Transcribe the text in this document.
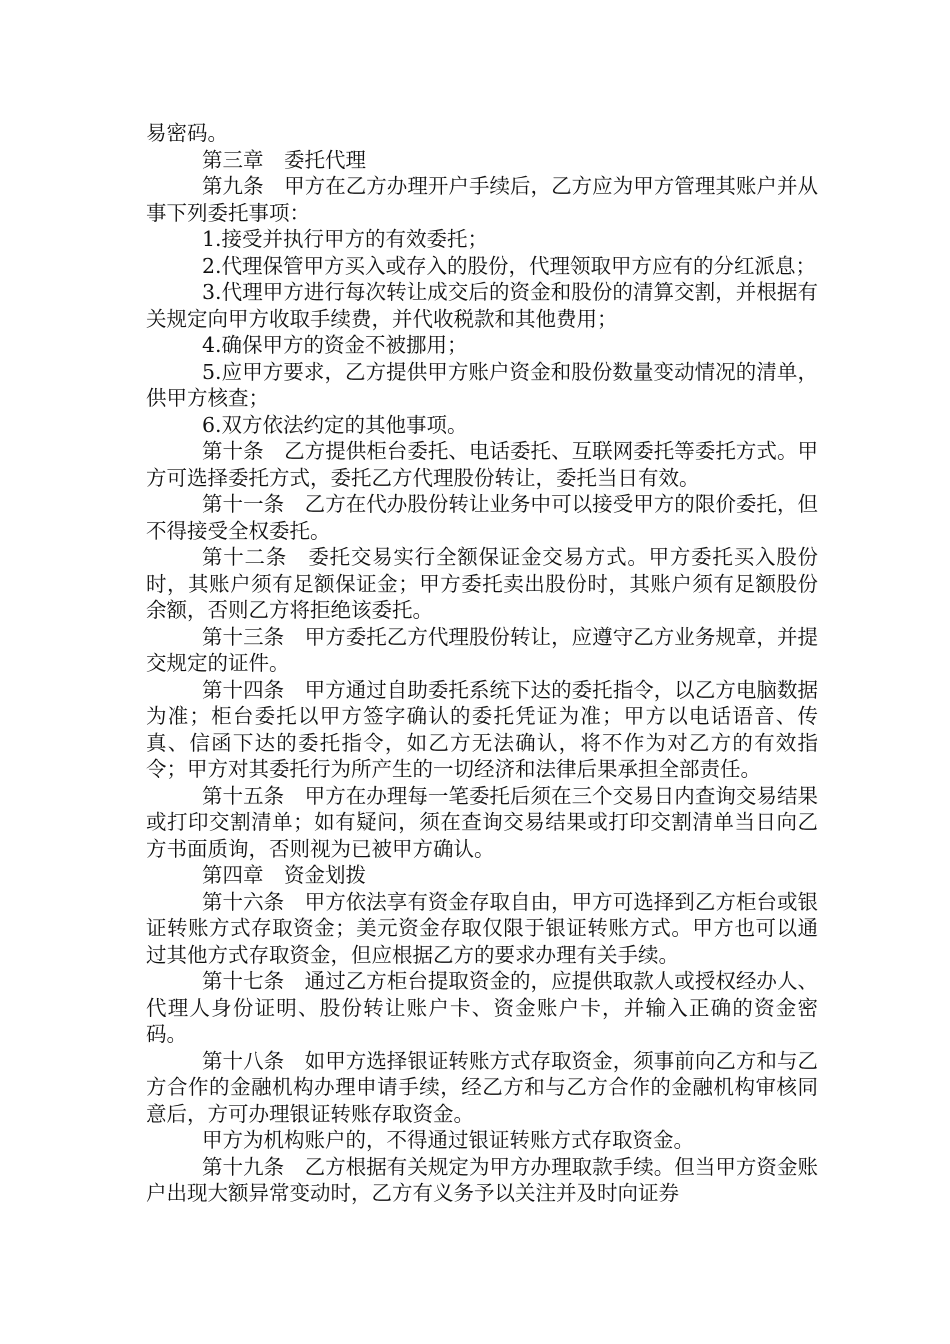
易密码。

第三章　委托代理

第九条　甲方在乙方办理开户手续后，乙方应为甲方管理其账户并从事下列委托事项：

1.接受并执行甲方的有效委托；

2.代理保管甲方买入或存入的股份，代理领取甲方应有的分红派息；

3.代理甲方进行每次转让成交后的资金和股份的清算交割，并根据有关规定向甲方收取手续费，并代收税款和其他费用；

4.确保甲方的资金不被挪用；

5.应甲方要求，乙方提供甲方账户资金和股份数量变动情况的清单，供甲方核查；

6.双方依法约定的其他事项。

第十条　乙方提供柜台委托、电话委托、互联网委托等委托方式。甲方可选择委托方式，委托乙方代理股份转让，委托当日有效。

第十一条　乙方在代办股份转让业务中可以接受甲方的限价委托，但不得接受全权委托。

第十二条　委托交易实行全额保证金交易方式。甲方委托买入股份时，其账户须有足额保证金；甲方委托卖出股份时，其账户须有足额股份余额，否则乙方将拒绝该委托。

第十三条　甲方委托乙方代理股份转让，应遵守乙方业务规章，并提交规定的证件。

第十四条　甲方通过自助委托系统下达的委托指令，以乙方电脑数据为准；柜台委托以甲方签字确认的委托凭证为准；甲方以电话语音、传真、信函下达的委托指令，如乙方无法确认，将不作为对乙方的有效指令；甲方对其委托行为所产生的一切经济和法律后果承担全部责任。

第十五条　甲方在办理每一笔委托后须在三个交易日内查询交易结果或打印交割清单；如有疑问，须在查询交易结果或打印交割清单当日向乙方书面质询，否则视为已被甲方确认。

第四章　资金划拨

第十六条　甲方依法享有资金存取自由，甲方可选择到乙方柜台或银证转账方式存取资金；美元资金存取仅限于银证转账方式。甲方也可以通过其他方式存取资金，但应根据乙方的要求办理有关手续。

第十七条　通过乙方柜台提取资金的，应提供取款人或授权经办人、代理人身份证明、股份转让账户卡、资金账户卡，并输入正确的资金密码。

第十八条　如甲方选择银证转账方式存取资金，须事前向乙方和与乙方合作的金融机构办理申请手续，经乙方和与乙方合作的金融机构审核同意后，方可办理银证转账存取资金。

甲方为机构账户的，不得通过银证转账方式存取资金。

第十九条　乙方根据有关规定为甲方办理取款手续。但当甲方资金账户出现大额异常变动时，乙方有义务予以关注并及时向证券
